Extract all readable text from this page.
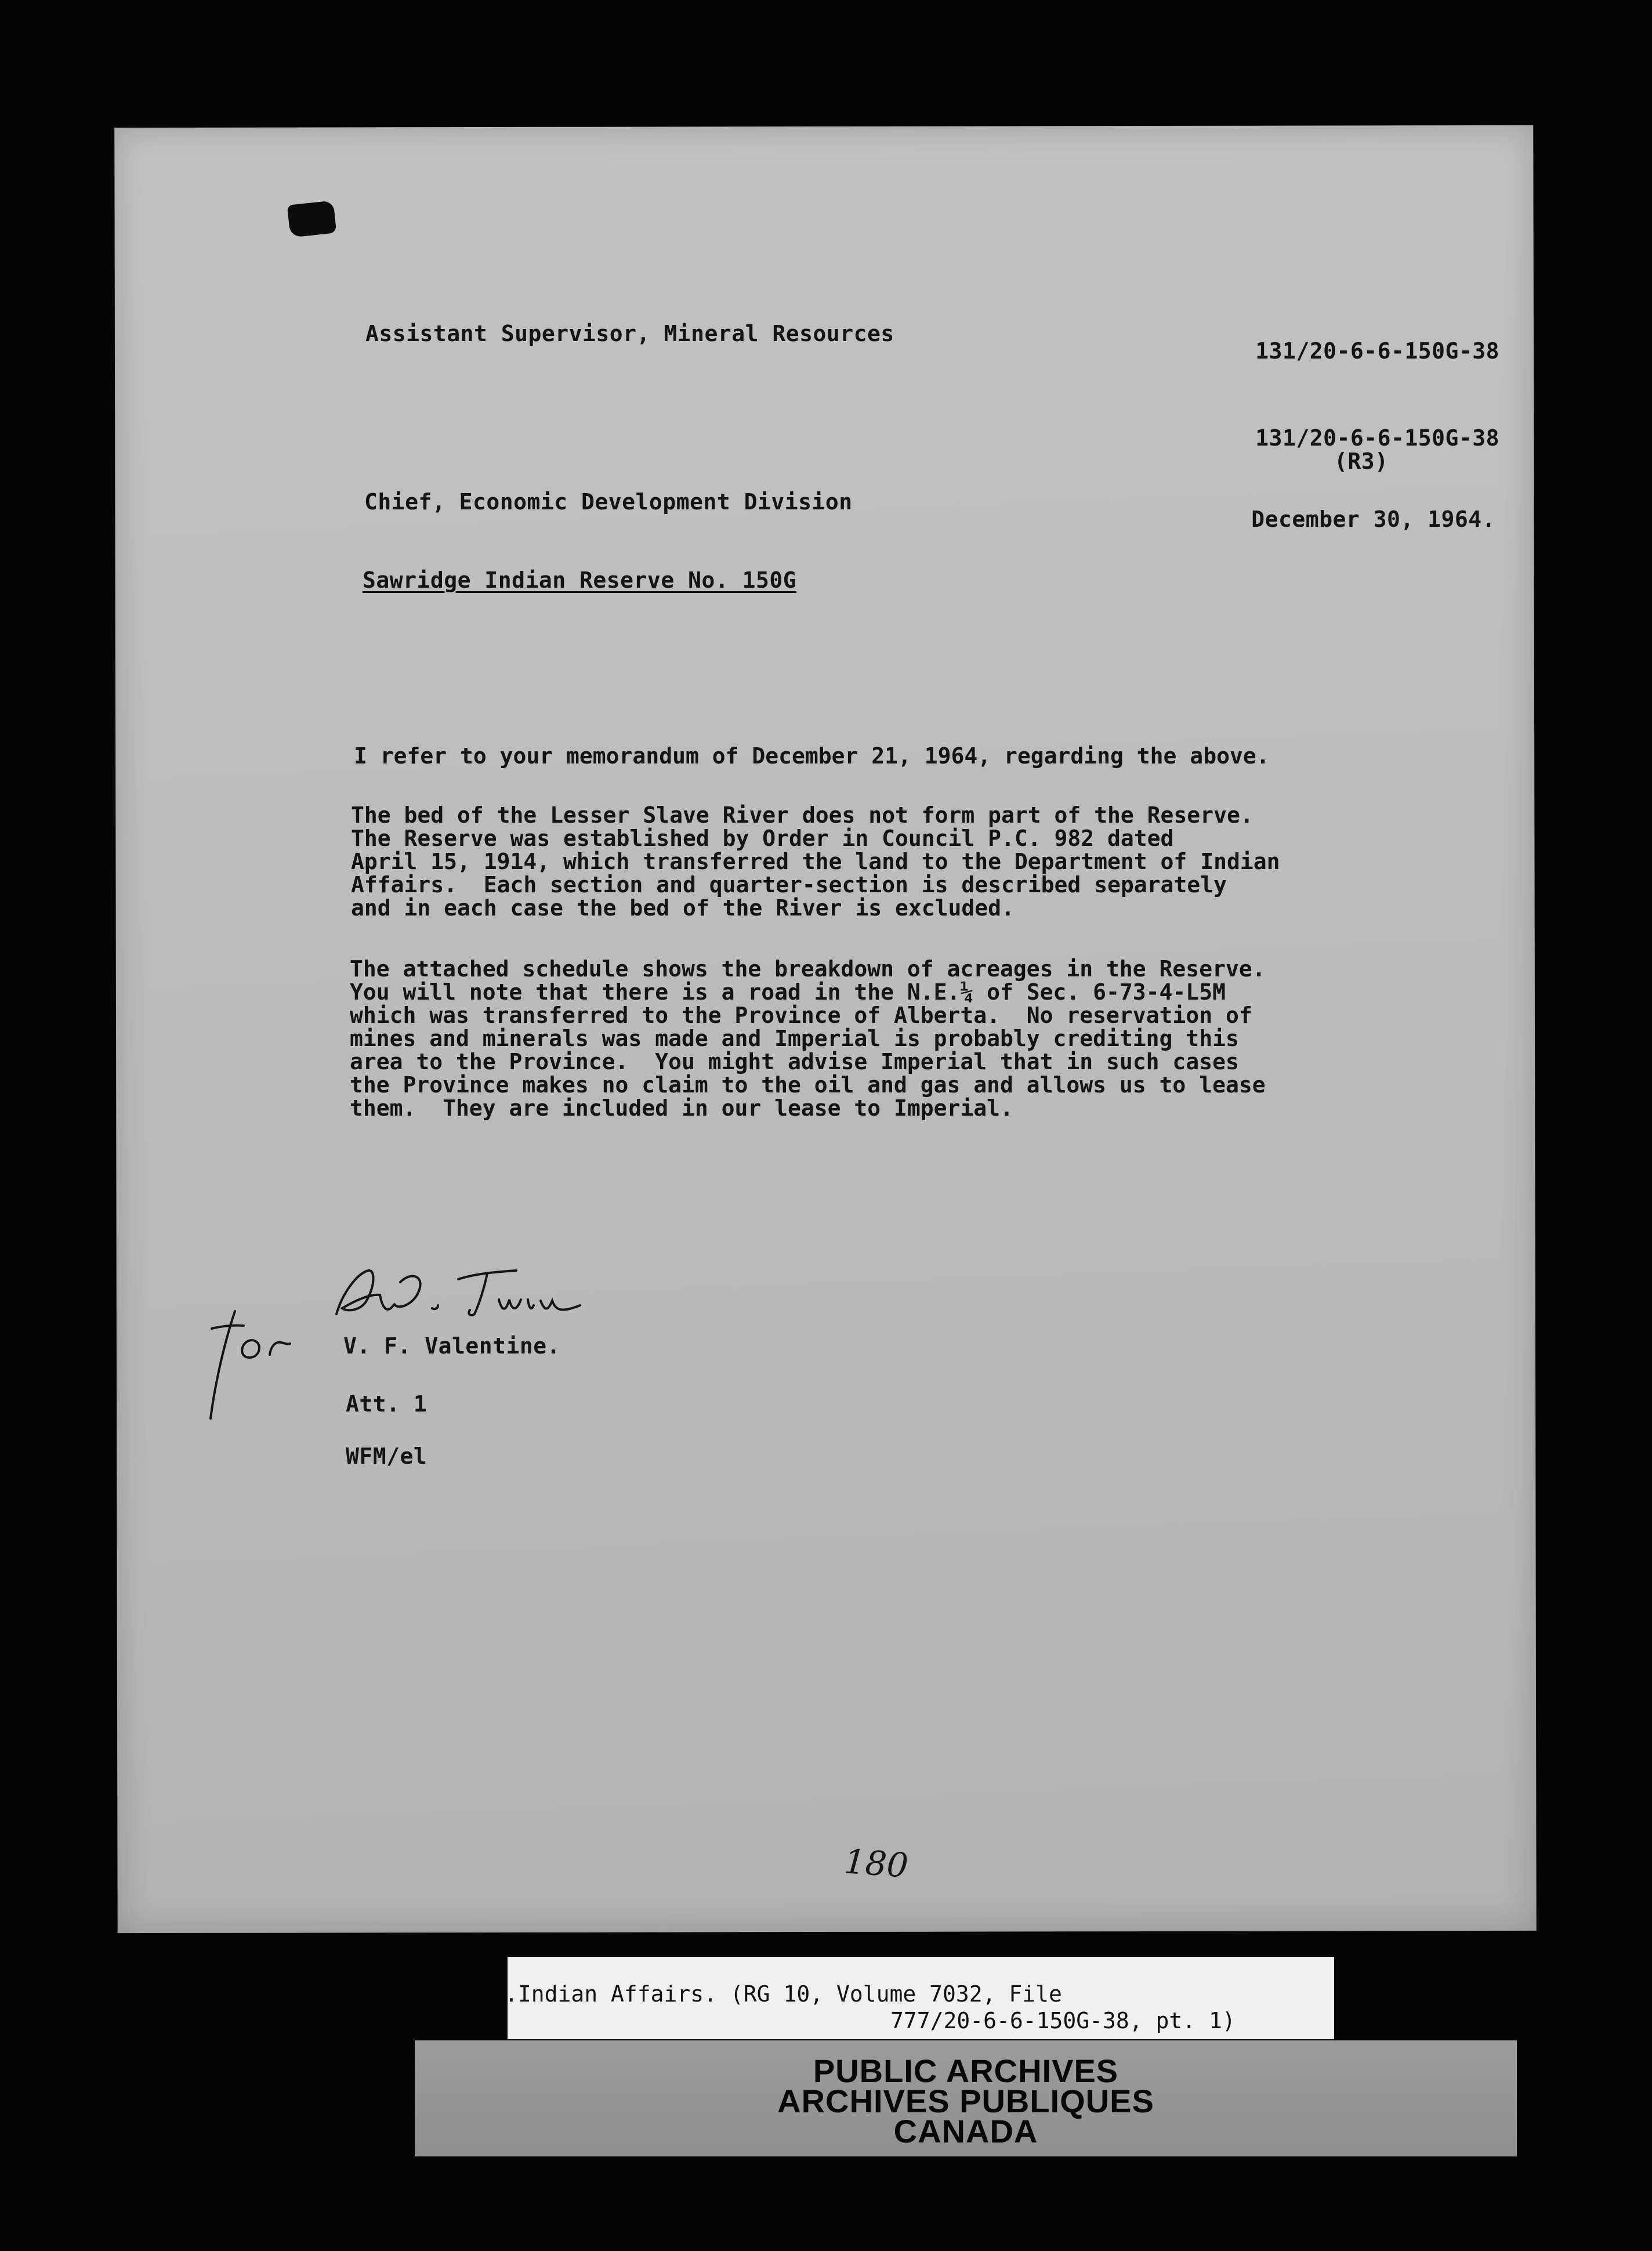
Assistant Supervisor, Mineral Resources
131/20-6-6-150G-38
131/20-6-6-150G-38
(R3)
Chief, Economic Development Division
December 30, 1964.
Sawridge Indian Reserve No. 150G
I refer to your memorandum of December 21, 1964, regarding the above.
The bed of the Lesser Slave River does not form part of the Reserve.
The Reserve was established by Order in Council P.C. 982 dated
April 15, 1914, which transferred the land to the Department of Indian
Affairs.  Each section and quarter-section is described separately
and in each case the bed of the River is excluded.
The attached schedule shows the breakdown of acreages in the Reserve.
You will note that there is a road in the N.E.¼ of Sec. 6-73-4-L5M
which was transferred to the Province of Alberta.  No reservation of
mines and minerals was made and Imperial is probably crediting this
area to the Province.  You might advise Imperial that in such cases
the Province makes no claim to the oil and gas and allows us to lease
them.  They are included in our lease to Imperial.
V. F. Valentine.
Att. 1
WFM/el
180
.Indian Affairs. (RG 10, Volume 7032, File
777/20-6-6-150G-38, pt. 1)
PUBLIC ARCHIVES
ARCHIVES PUBLIQUES
CANADA
